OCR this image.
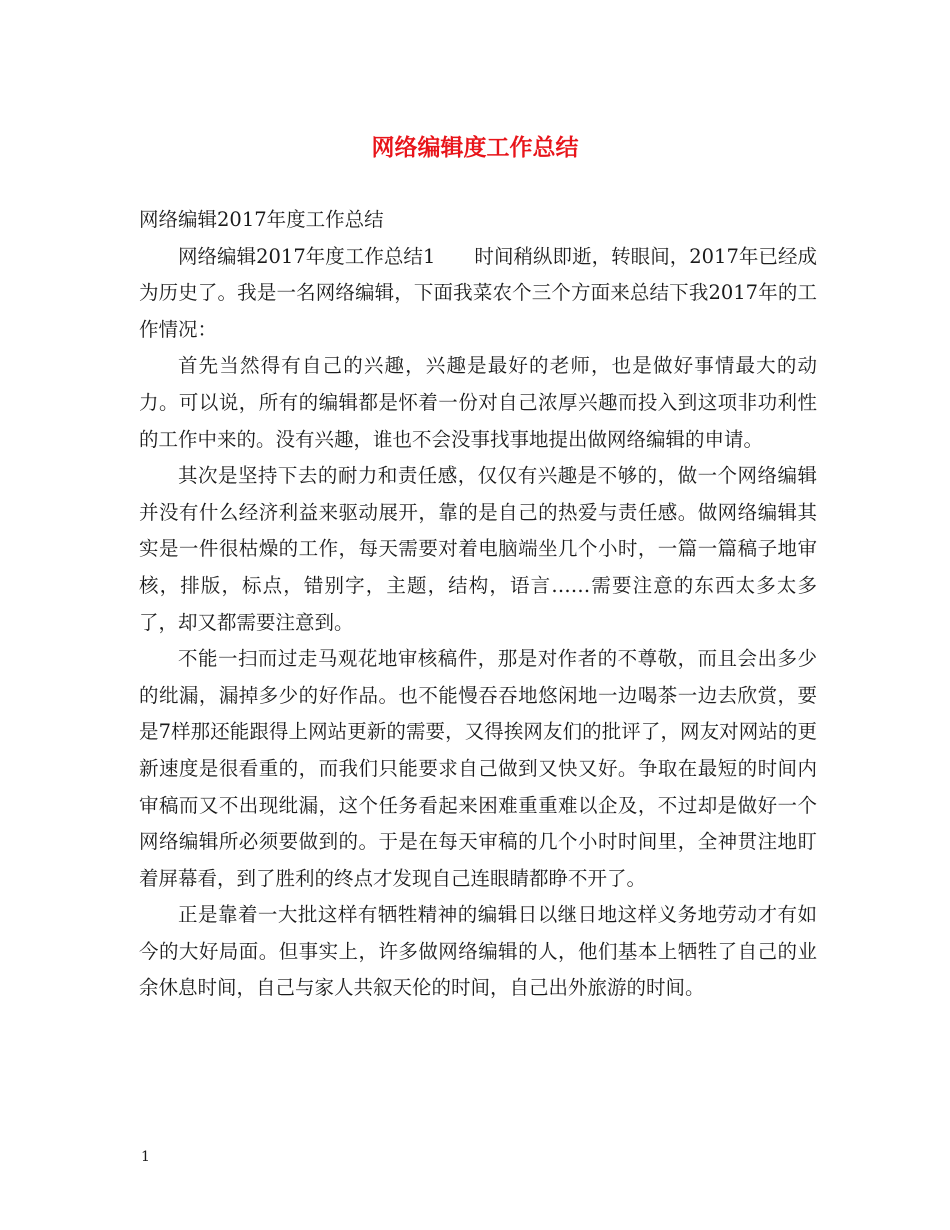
网络编辑度工作总结

网络编辑2017年度工作总结

网络编辑2017年度工作总结1　　时间稍纵即逝，转眼间，2017年已经成为历史了。我是一名网络编辑，下面我菜农个三个方面来总结下我2017年的工作情况：

首先当然得有自己的兴趣，兴趣是最好的老师，也是做好事情最大的动力。可以说，所有的编辑都是怀着一份对自己浓厚兴趣而投入到这项非功利性的工作中来的。没有兴趣，谁也不会没事找事地提出做网络编辑的申请。

其次是坚持下去的耐力和责任感，仅仅有兴趣是不够的，做一个网络编辑并没有什么经济利益来驱动展开，靠的是自己的热爱与责任感。做网络编辑其实是一件很枯燥的工作，每天需要对着电脑端坐几个小时，一篇一篇稿子地审核，排版，标点，错别字，主题，结构，语言……需要注意的东西太多太多了，却又都需要注意到。

不能一扫而过走马观花地审核稿件，那是对作者的不尊敬，而且会出多少的纰漏，漏掉多少的好作品。也不能慢吞吞地悠闲地一边喝茶一边去欣赏，要是7样那还能跟得上网站更新的需要，又得挨网友们的批评了，网友对网站的更新速度是很看重的，而我们只能要求自己做到又快又好。争取在最短的时间内审稿而又不出现纰漏，这个任务看起来困难重重难以企及，不过却是做好一个网络编辑所必须要做到的。于是在每天审稿的几个小时时间里，全神贯注地盯着屏幕看，到了胜利的终点才发现自己连眼睛都睁不开了。

正是靠着一大批这样有牺牲精神的编辑日以继日地这样义务地劳动才有如今的大好局面。但事实上，许多做网络编辑的人，他们基本上牺牲了自己的业余休息时间，自己与家人共叙天伦的时间，自己出外旅游的时间。

1
